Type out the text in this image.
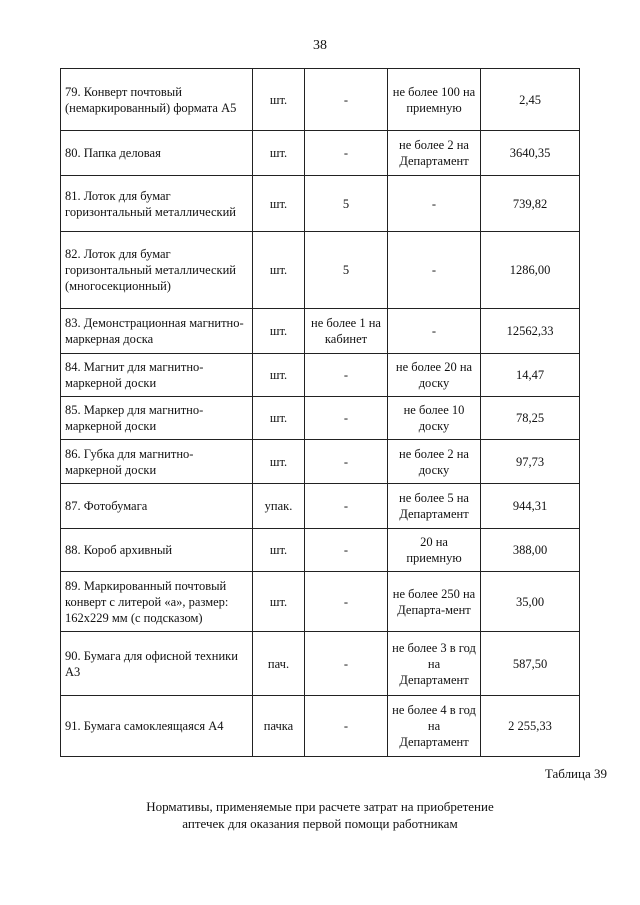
38
79. Конверт почтовый (немаркированный) формата А5	шт.	-	не более 100 на приемную	2,45
80. Папка деловая	шт.	-	не более 2 на Департамент	3640,35
81. Лоток для бумаг горизонтальный металлический	шт.	5	-	739,82
82. Лоток для бумаг горизонтальный металлический (многосекционный)	шт.	5	-	1286,00
83. Демонстрационная магнитно-маркерная доска	шт.	не более 1 на кабинет	-	12562,33
84. Магнит для магнитно-маркерной доски	шт.	-	не более 20 на доску	14,47
85. Маркер для магнитно-маркерной доски	шт.	-	не более 10 доску	78,25
86. Губка для магнитно-маркерной доски	шт.	-	не более 2 на доску	97,73
87. Фотобумага	упак.	-	не более 5 на Департамент	944,31
88. Короб архивный	шт.	-	20 на приемную	388,00
89. Маркированный почтовый конверт с литерой «а», размер: 162х229 мм (с подсказом)	шт.	-	не более 250 на Департа-мент	35,00
90. Бумага для офисной техники А3	пач.	-	не более 3 в год на Департамент	587,50
91. Бумага самоклеящаяся А4	пачка	-	не более 4 в год на Департамент	2 255,33
Таблица 39
Нормативы, применяемые при расчете затрат на приобретение
аптечек для оказания первой помощи работникам
